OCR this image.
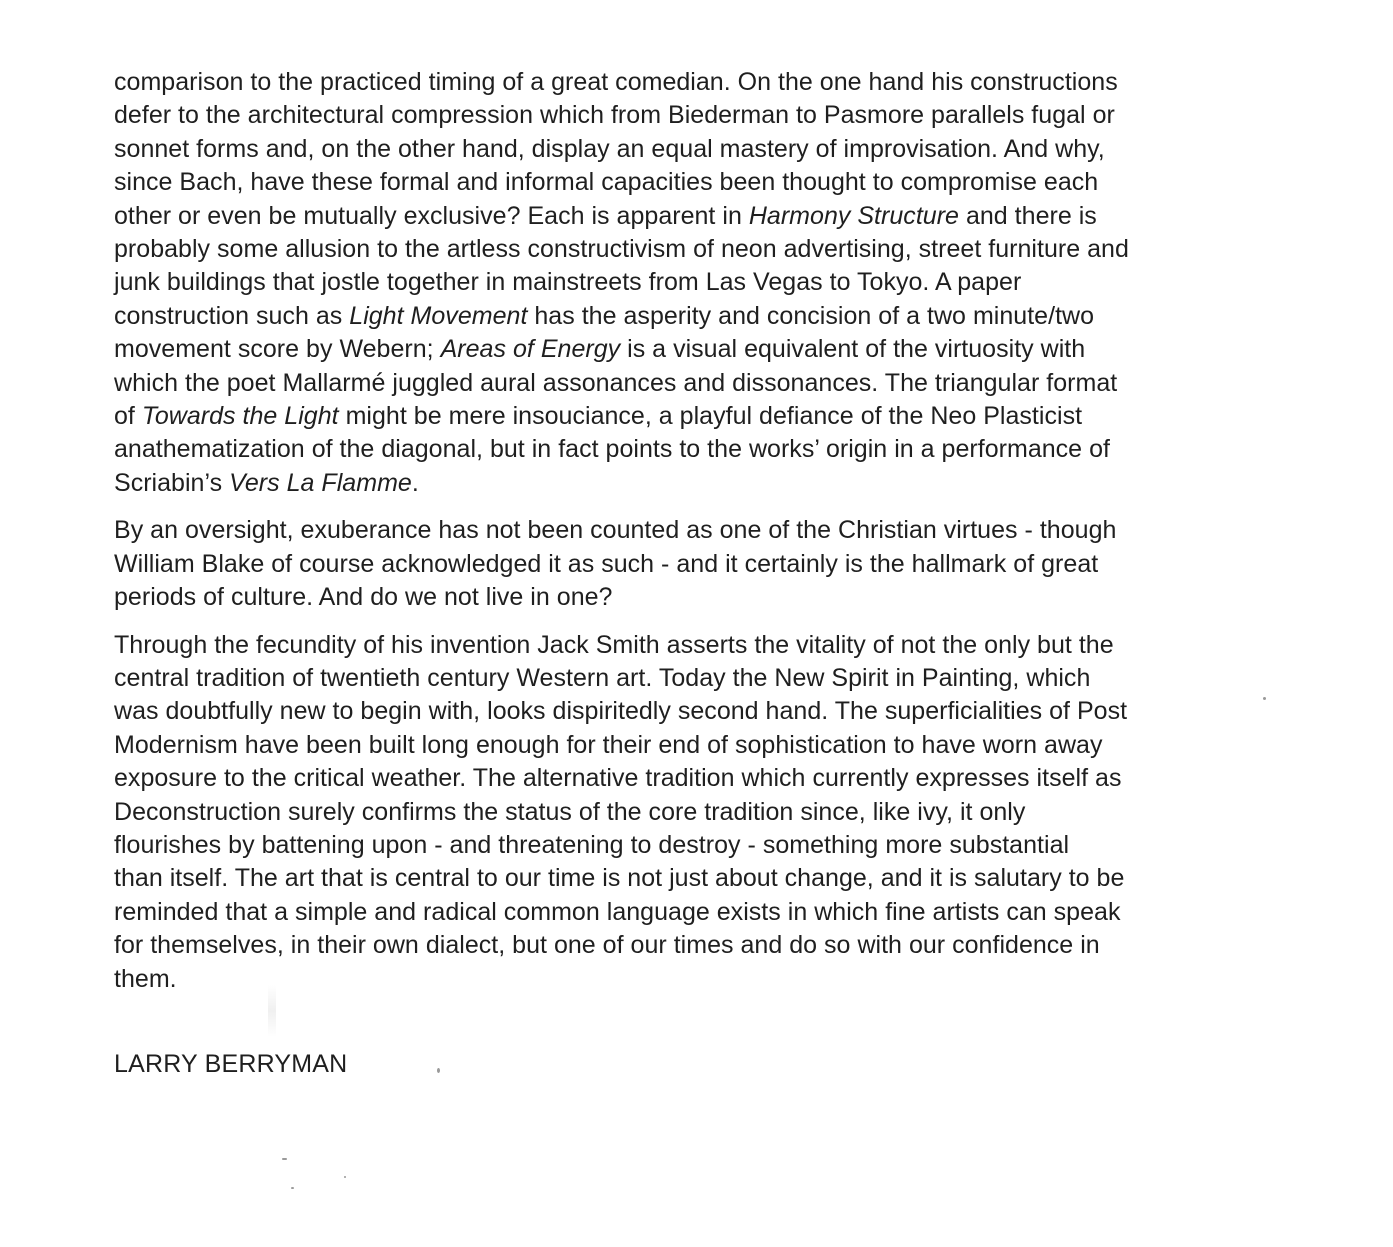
comparison to the practiced timing of a great comedian. On the one hand his constructions
defer to the architectural compression which from Biederman to Pasmore parallels fugal or
sonnet forms and, on the other hand, display an equal mastery of improvisation. And why,
since Bach, have these formal and informal capacities been thought to compromise each
other or even be mutually exclusive? Each is apparent in Harmony Structure and there is
probably some allusion to the artless constructivism of neon advertising, street furniture and
junk buildings that jostle together in mainstreets from Las Vegas to Tokyo. A paper
construction such as Light Movement has the asperity and concision of a two minute/two
movement score by Webern; Areas of Energy is a visual equivalent of the virtuosity with
which the poet Mallarmé juggled aural assonances and dissonances. The triangular format
of Towards the Light might be mere insouciance, a playful defiance of the Neo Plasticist
anathematization of the diagonal, but in fact points to the works’ origin in a performance of
Scriabin’s Vers La Flamme.

By an oversight, exuberance has not been counted as one of the Christian virtues - though
William Blake of course acknowledged it as such - and it certainly is the hallmark of great
periods of culture. And do we not live in one?

Through the fecundity of his invention Jack Smith asserts the vitality of not the only but the
central tradition of twentieth century Western art. Today the New Spirit in Painting, which
was doubtfully new to begin with, looks dispiritedly second hand. The superficialities of Post
Modernism have been built long enough for their end of sophistication to have worn away
exposure to the critical weather. The alternative tradition which currently expresses itself as
Deconstruction surely confirms the status of the core tradition since, like ivy, it only
flourishes by battening upon - and threatening to destroy - something more substantial
than itself. The art that is central to our time is not just about change, and it is salutary to be
reminded that a simple and radical common language exists in which fine artists can speak
for themselves, in their own dialect, but one of our times and do so with our confidence in
them.

LARRY BERRYMAN
